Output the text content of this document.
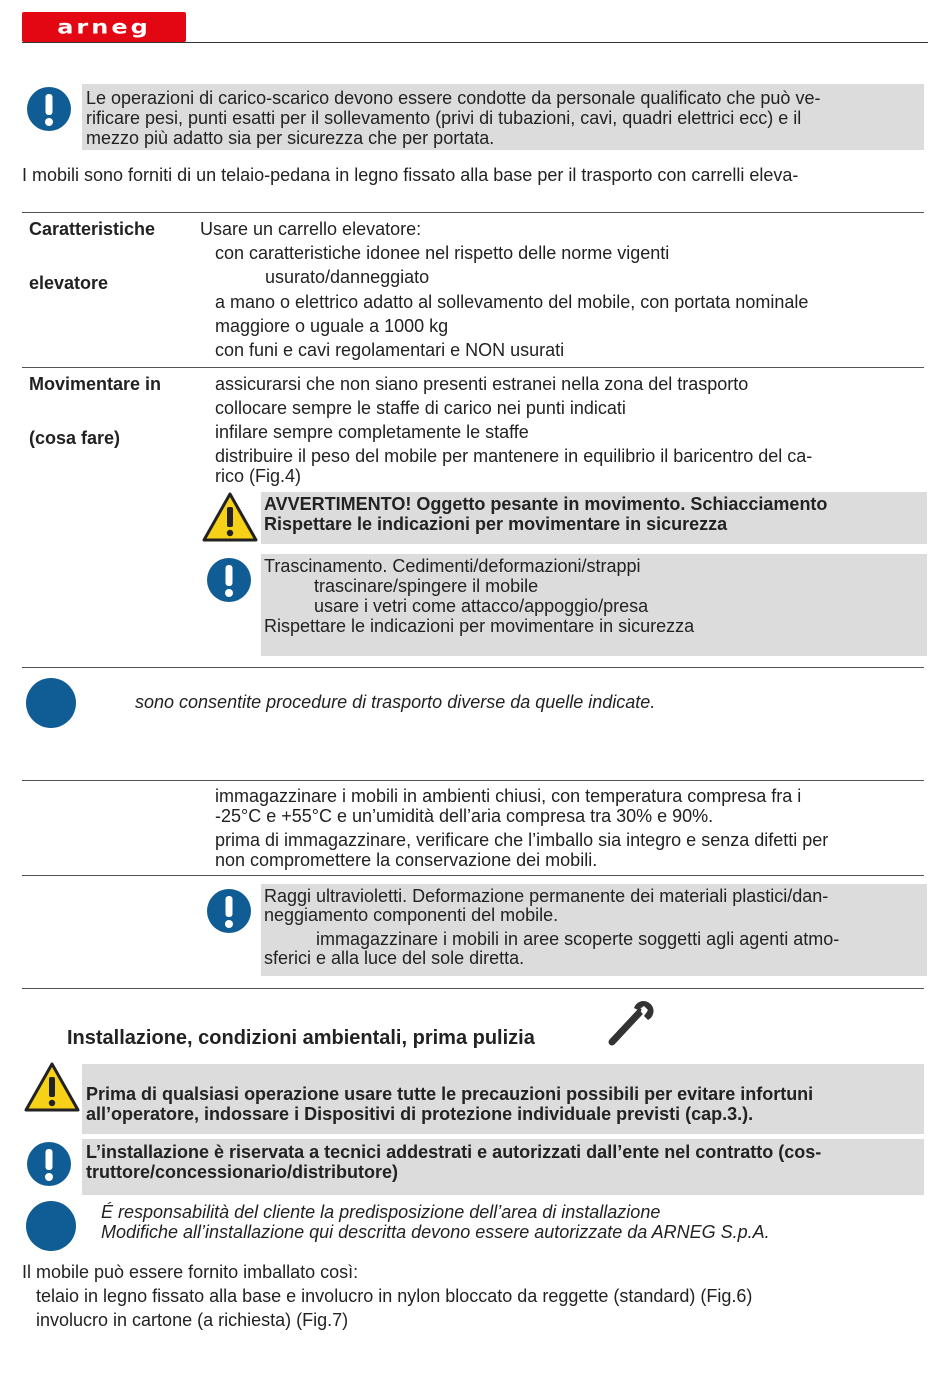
arneg
Le operazioni di carico-scarico devono essere condotte da personale qualificato che può ve-
rificare pesi, punti esatti per il sollevamento (privi di tubazioni, cavi, quadri elettrici ecc) e il
mezzo più adatto sia per sicurezza che per portata.
I mobili sono forniti di un telaio-pedana in legno fissato alla base per il trasporto con carrelli eleva-
Caratteristiche
elevatore
Usare un carrello elevatore:
con caratteristiche idonee nel rispetto delle norme vigenti
usurato/danneggiato
a mano o elettrico adatto al sollevamento del mobile, con portata nominale
maggiore o uguale a 1000 kg
con funi e cavi regolamentari e NON usurati
Movimentare in
(cosa fare)
assicurarsi che non siano presenti estranei nella zona del trasporto
collocare sempre le staffe di carico nei punti indicati
infilare sempre completamente le staffe
distribuire il peso del mobile per mantenere in equilibrio il baricentro del ca-
rico (Fig.4)
AVVERTIMENTO! Oggetto pesante in movimento. Schiacciamento
Rispettare le indicazioni per movimentare in sicurezza
Trascinamento. Cedimenti/deformazioni/strappi
trascinare/spingere il mobile
usare i vetri come attacco/appoggio/presa
Rispettare le indicazioni per movimentare in sicurezza
sono consentite procedure di trasporto diverse da quelle indicate.
immagazzinare i mobili in ambienti chiusi, con temperatura compresa fra i
-25°C e +55°C e un’umidità dell’aria compresa tra 30% e 90%.
prima di immagazzinare, verificare che l’imballo sia integro e senza difetti per
non compromettere la conservazione dei mobili.
Raggi ultravioletti. Deformazione permanente dei materiali plastici/dan-
neggiamento componenti del mobile.
immagazzinare i mobili in aree scoperte soggetti agli agenti atmo-
sferici e alla luce del sole diretta.
Installazione, condizioni ambientali, prima pulizia
Prima di qualsiasi operazione usare tutte le precauzioni possibili per evitare infortuni
all’operatore, indossare i Dispositivi di protezione individuale previsti (cap.3.).
L’installazione è riservata a tecnici addestrati e autorizzati dall’ente nel contratto (cos-
truttore/concessionario/distributore)
É responsabilità del cliente la predisposizione dell’area di installazione
Modifiche all’installazione qui descritta devono essere autorizzate da ARNEG S.p.A.
Il mobile può essere fornito imballato così:
telaio in legno fissato alla base e involucro in nylon bloccato da reggette (standard) (Fig.6)
involucro in cartone (a richiesta) (Fig.7)
